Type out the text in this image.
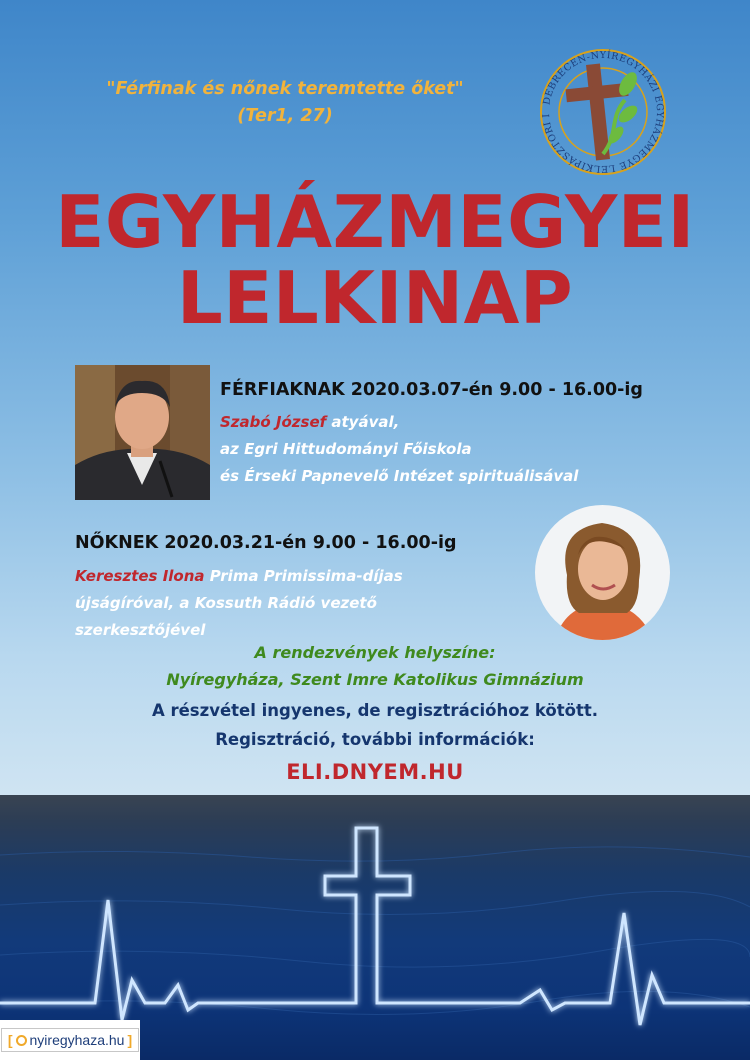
"Férfinak és nőnek teremtette őket"
(Ter1, 27)
DEBRECEN-NYÍREGYHÁZI EGYHÁZMEGYE LELKIPÁSZTORI I
EGYHÁZMEGYEI
LELKINAP
FÉRFIAKNAK 2020.03.07-én 9.00 - 16.00-ig
Szabó József atyával,
az Egri Hittudományi Főiskola
és Érseki Papnevelő Intézet spirituálisával
NŐKNEK 2020.03.21-én 9.00 - 16.00-ig
Keresztes Ilona Prima Primissima-díjas
újságíróval, a Kossuth Rádió vezető
szerkesztőjével
A rendezvények helyszíne:
Nyíregyháza, Szent Imre Katolikus Gimnázium
A részvétel ingyenes, de regisztrációhoz kötött.
Regisztráció, további információk:
ELI.DNYEM.HU
[ nyiregyhaza.hu ]
